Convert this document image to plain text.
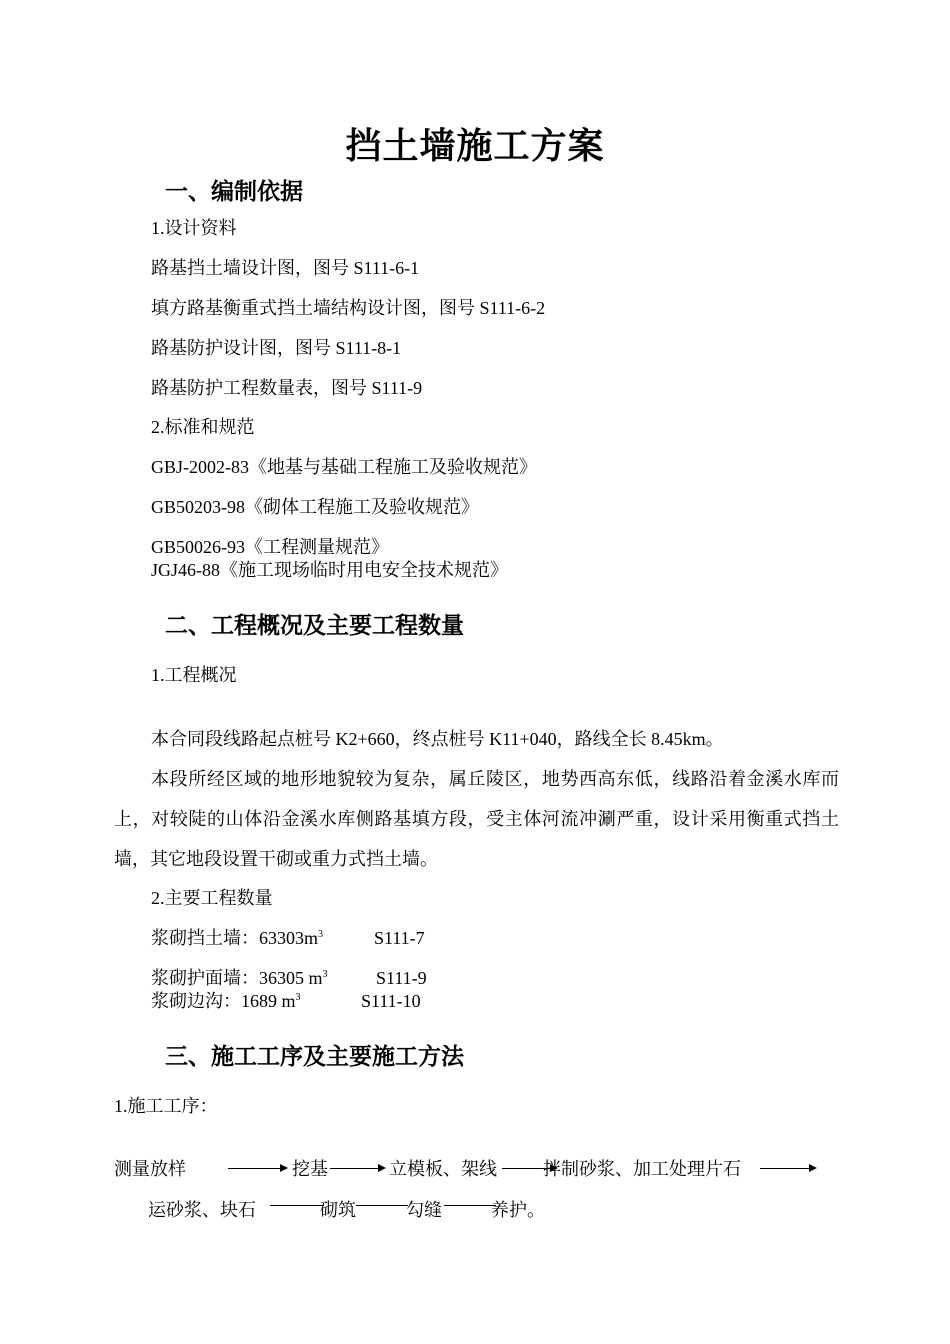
挡土墙施工方案
一、编制依据
1.设计资料
路基挡土墙设计图，图号 S111-6-1
填方路基衡重式挡土墙结构设计图，图号 S111-6-2
路基防护设计图，图号 S111-8-1
路基防护工程数量表，图号 S111-9
2.标准和规范
GBJ-2002-83《地基与基础工程施工及验收规范》
GB50203-98《砌体工程施工及验收规范》
GB50026-93《工程测量规范》
JGJ46-88《施工现场临时用电安全技术规范》
二、工程概况及主要工程数量
1.工程概况
本合同段线路起点桩号 K2+660，终点桩号 K11+040，路线全长 8.45km。
本段所经区域的地形地貌较为复杂，属丘陵区，地势西高东低，线路沿着金溪水库而上，对较陡的山体沿金溪水库侧路基填方段，受主体河流冲涮严重，设计采用衡重式挡土墙，其它地段设置干砌或重力式挡土墙。
2.主要工程数量
浆砌挡土墙：$63303m^3$	S111-7
浆砌护面墙：36305 $m^3$	S111-9
浆砌边沟：1689 $m^3$	S111-10
三、施工工序及主要施工方法
1.施工工序：
测量放样	挖基	立模板、架线	拌制砂浆、加工处理片石
运砂浆、块石	砌筑	勾缝	养护。
